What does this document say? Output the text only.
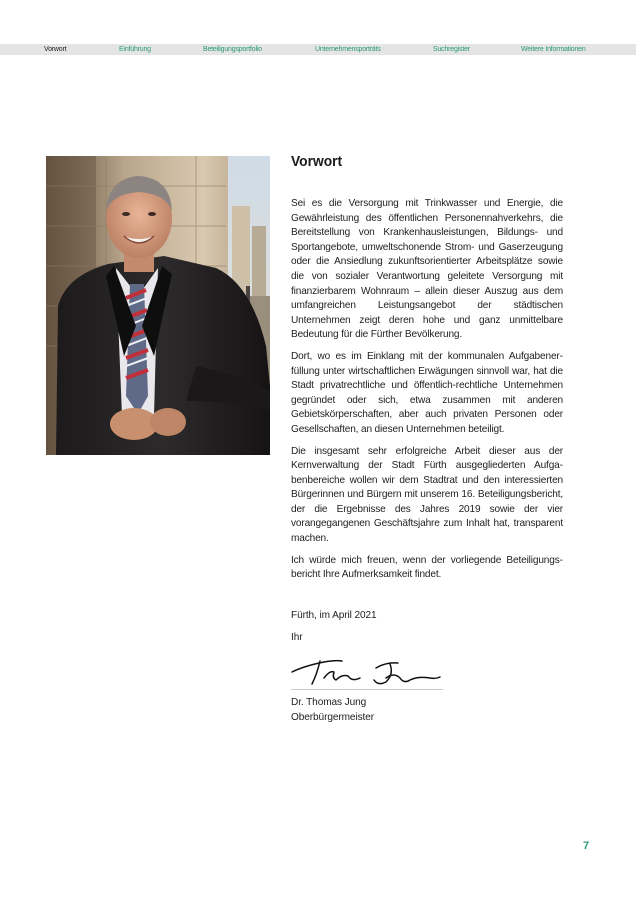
Vorwort	Einführung	Beteiligungsportfolio	Unternehmensporträts	Suchregister	Weitere Informationen
Vorwort

Sei es die Versorgung mit Trinkwasser und Energie, die Gewährleistung des öffentlichen Personennahverkehrs, die Bereitstellung von Krankenhausleistungen, Bildungs- und Sportangebote, umweltschonende Strom- und Gaserzeugung oder die Ansiedlung zukunftsorientierter Arbeitsplätze sowie die von sozialer Verantwortung geleitete Versorgung mit finanzierbarem Wohnraum – allein dieser Auszug aus dem umfangreichen Leistungsangebot der städtischen Unternehmen zeigt deren hohe und ganz unmittelbare Bedeutung für die Fürther Bevölkerung.

Dort, wo es im Einklang mit der kommunalen Aufgabenerfüllung unter wirtschaftlichen Erwägungen sinnvoll war, hat die Stadt privatrechtliche und öffentlich-rechtliche Unternehmen gegründet oder sich, etwa zusammen mit anderen Gebietskörperschaften, aber auch privaten Personen oder Gesellschaften, an diesen Unternehmen beteiligt.

Die insgesamt sehr erfolgreiche Arbeit dieser aus der Kernverwaltung der Stadt Fürth ausgegliederten Aufgabenbereiche wollen wir dem Stadtrat und den interessierten Bürgerinnen und Bürgern mit unserem 16. Beteiligungsbericht, der die Ergebnisse des Jahres 2019 sowie der vier vorangegangenen Geschäftsjahre zum Inhalt hat, transparent machen.

Ich würde mich freuen, wenn der vorliegende Beteiligungsbericht Ihre Aufmerksamkeit findet.

Fürth, im April 2021
Ihr
Dr. Thomas Jung
Oberbürgermeister
7
